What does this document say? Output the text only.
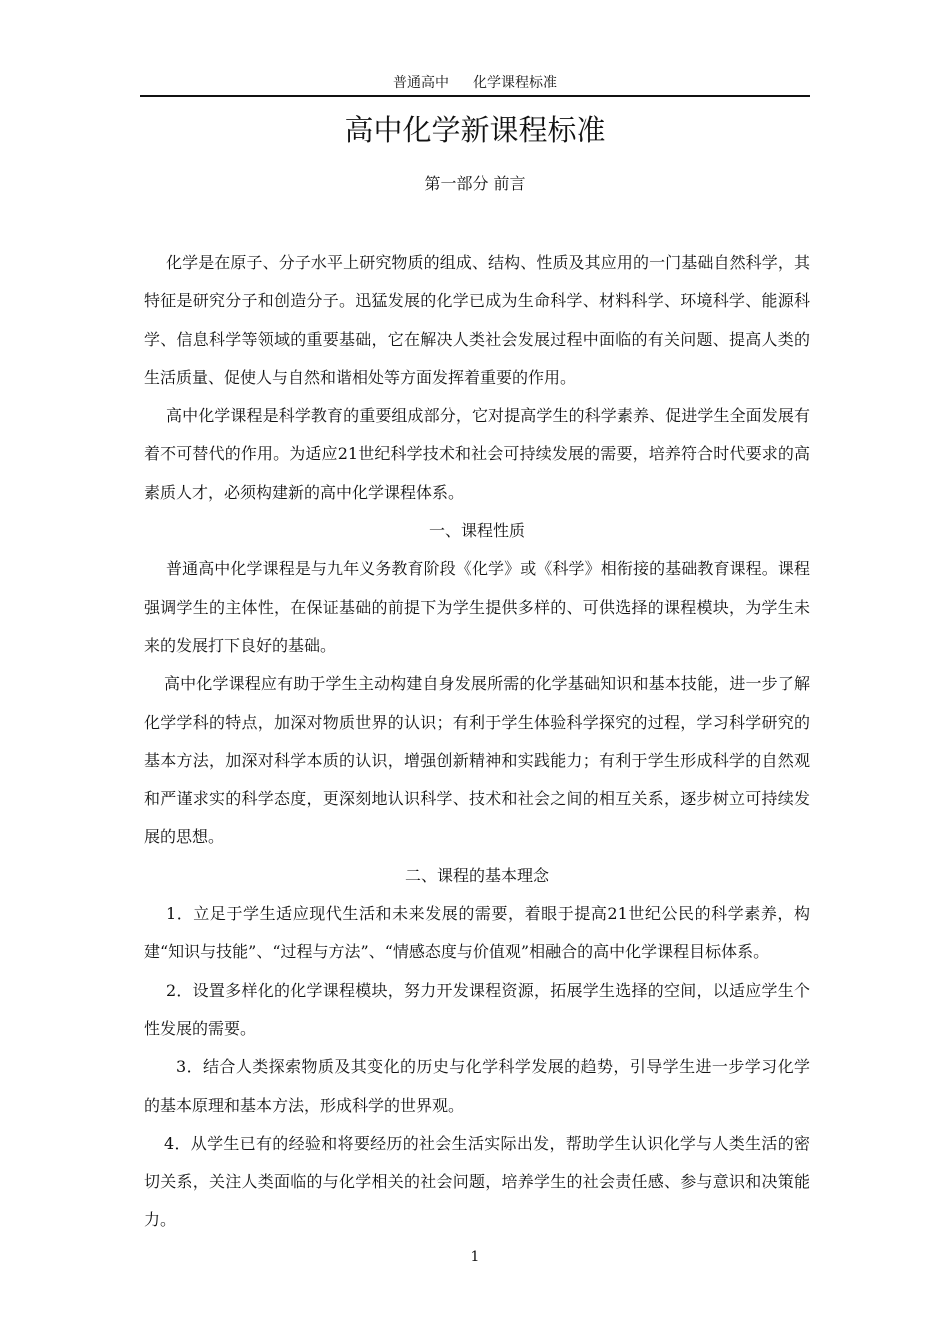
普通高中 化学课程标准
高中化学新课程标准
第一部分 前言

化学是在原子、分子水平上研究物质的组成、结构、性质及其应用的一门基础自然科学，其特征是研究分子和创造分子。迅猛发展的化学已成为生命科学、材料科学、环境科学、能源科学、信息科学等领域的重要基础，它在解决人类社会发展过程中面临的有关问题、提高人类的生活质量、促使人与自然和谐相处等方面发挥着重要的作用。

高中化学课程是科学教育的重要组成部分，它对提高学生的科学素养、促进学生全面发展有着不可替代的作用。为适应21世纪科学技术和社会可持续发展的需要，培养符合时代要求的高素质人才，必须构建新的高中化学课程体系。

一、课程性质

普通高中化学课程是与九年义务教育阶段《化学》或《科学》相衔接的基础教育课程。课程强调学生的主体性，在保证基础的前提下为学生提供多样的、可供选择的课程模块，为学生未来的发展打下良好的基础。

高中化学课程应有助于学生主动构建自身发展所需的化学基础知识和基本技能，进一步了解化学学科的特点，加深对物质世界的认识；有利于学生体验科学探究的过程，学习科学研究的基本方法，加深对科学本质的认识，增强创新精神和实践能力；有利于学生形成科学的自然观和严谨求实的科学态度，更深刻地认识科学、技术和社会之间的相互关系，逐步树立可持续发展的思想。

二、课程的基本理念

1．立足于学生适应现代生活和未来发展的需要，着眼于提高21世纪公民的科学素养，构建“知识与技能”、“过程与方法”、“情感态度与价值观”相融合的高中化学课程目标体系。

2．设置多样化的化学课程模块，努力开发课程资源，拓展学生选择的空间，以适应学生个性发展的需要。

3．结合人类探索物质及其变化的历史与化学科学发展的趋势，引导学生进一步学习化学的基本原理和基本方法，形成科学的世界观。

4．从学生已有的经验和将要经历的社会生活实际出发，帮助学生认识化学与人类生活的密切关系，关注人类面临的与化学相关的社会问题，培养学生的社会责任感、参与意识和决策能力。

1
